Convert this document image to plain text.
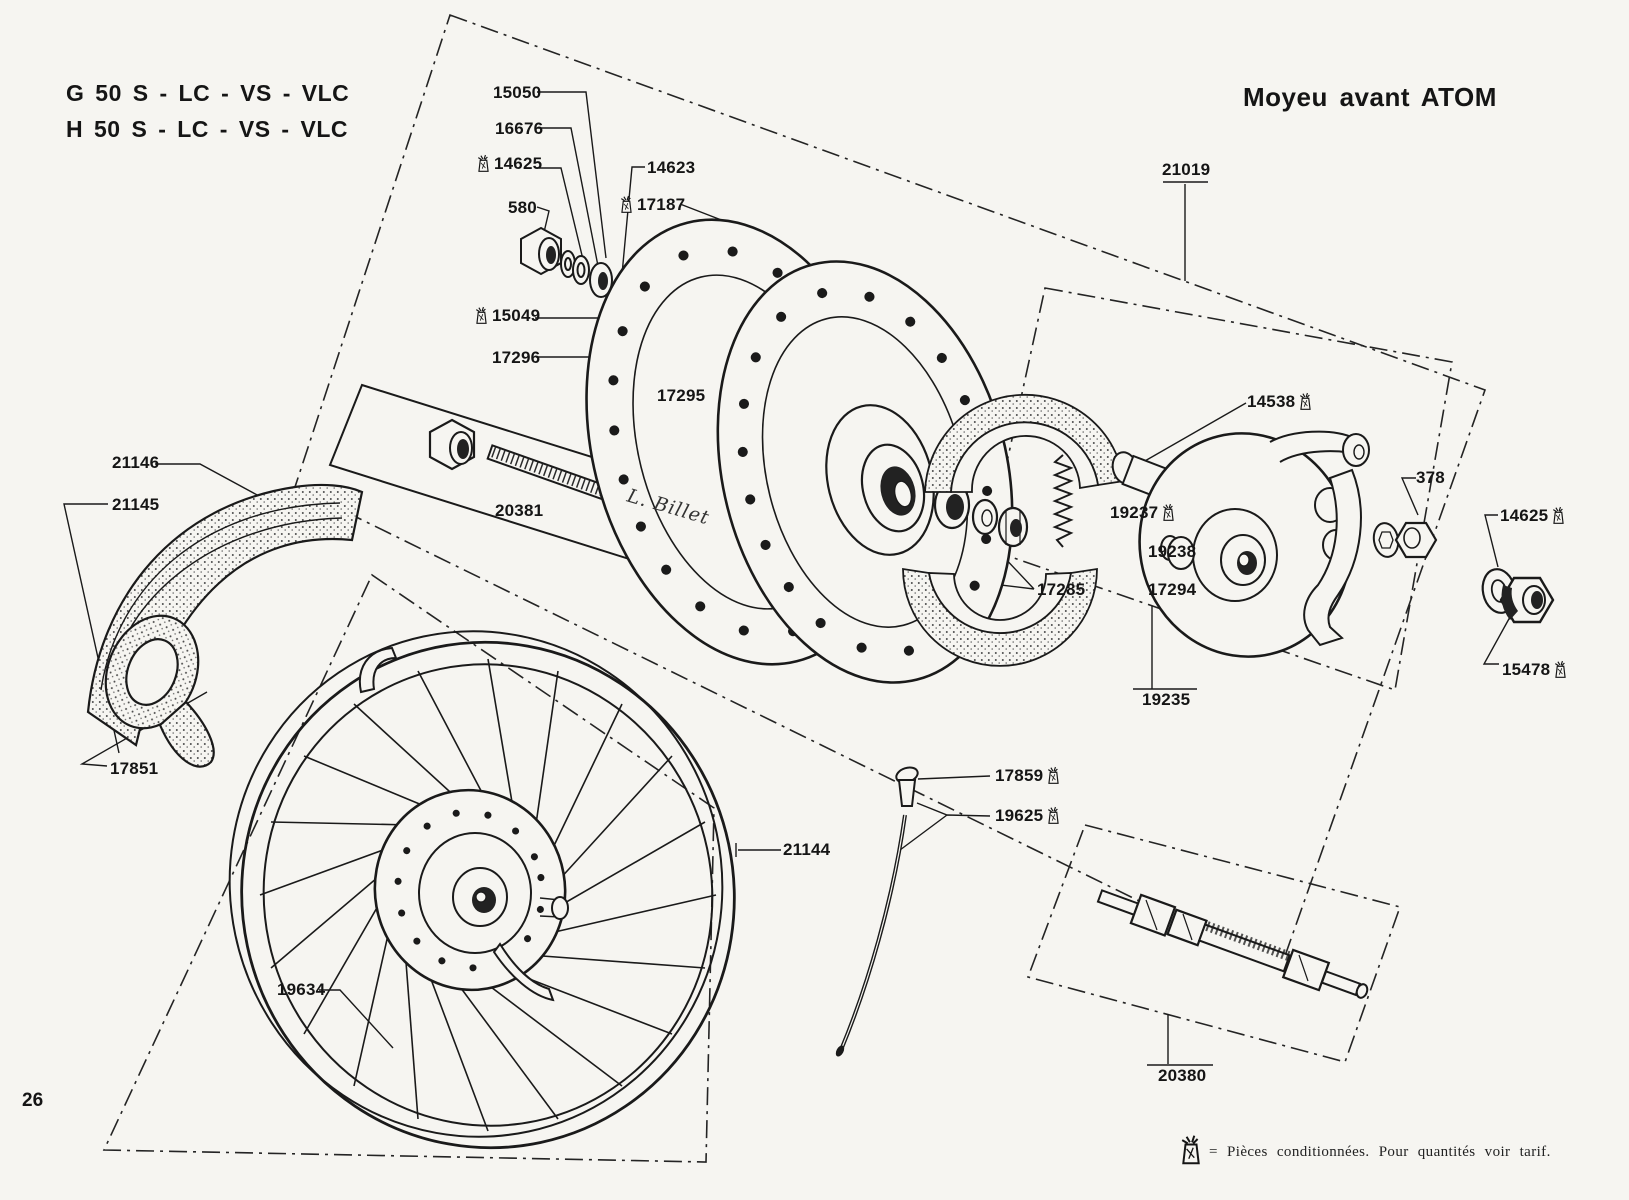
G 50 S - LC - VS - VLC
H 50 S - LC - VS - VLC
Moyeu avant ATOM
26
L. Billet
15050
16676
14625
580
14623
17187
15049
17296
17295
20381
21019
14538
378
19237
19238
17285	17294
19235
14625
15478
21146
21145
17851
19634
21144
17859
19625
20380
= Pièces conditionnées. Pour quantités voir tarif.
